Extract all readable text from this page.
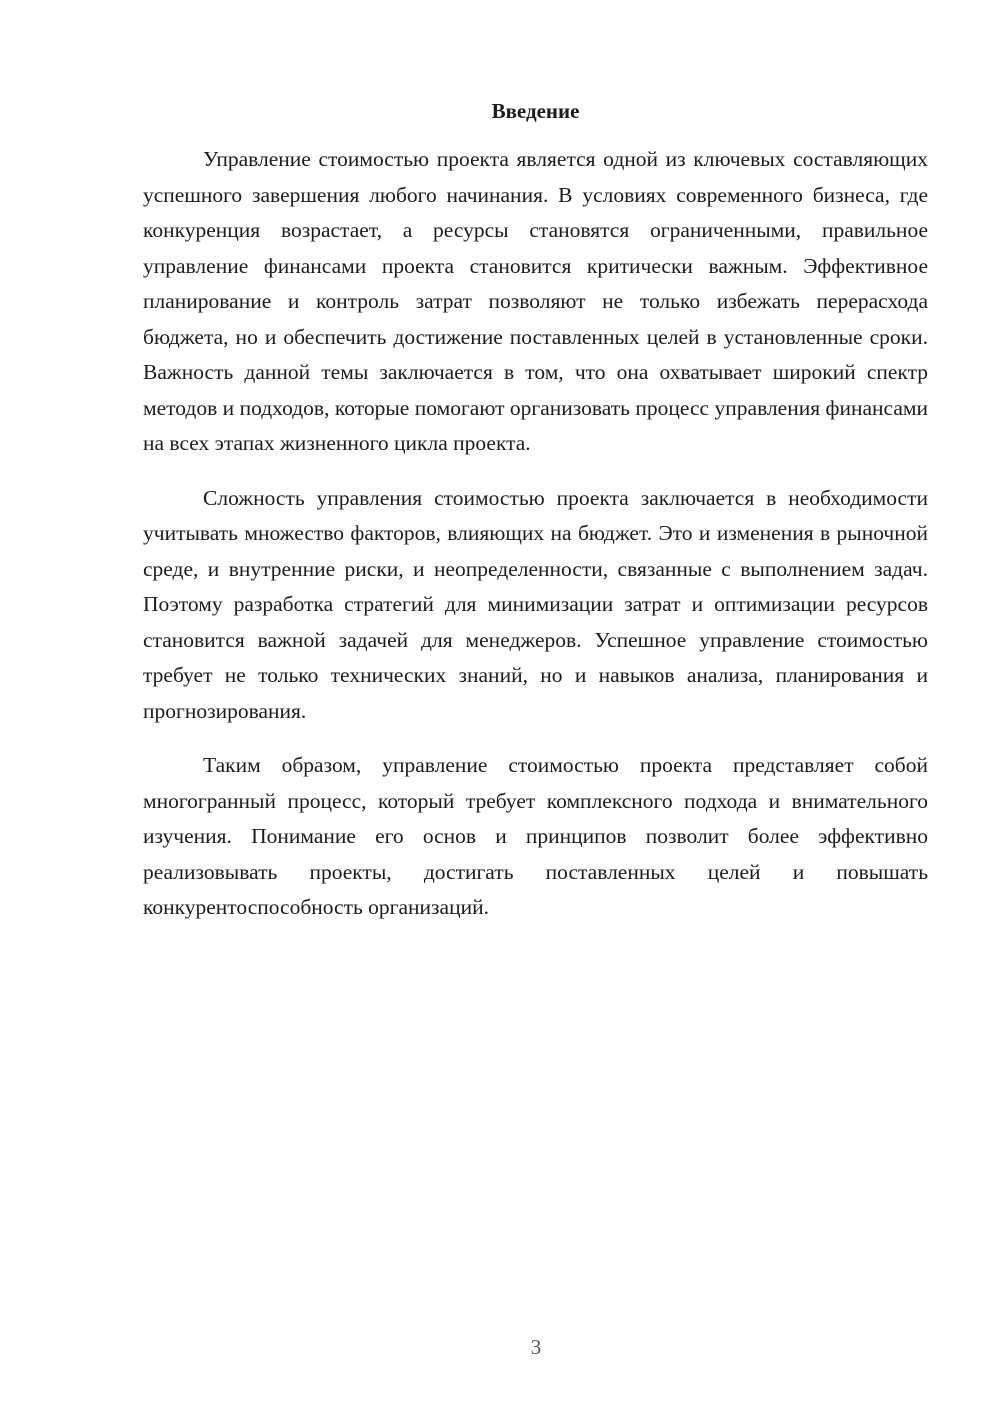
Введение

Управление стоимостью проекта является одной из ключевых составляющих успешного завершения любого начинания. В условиях современного бизнеса, где конкуренция возрастает, а ресурсы становятся ограниченными, правильное управление финансами проекта становится критически важным. Эффективное планирование и контроль затрат позволяют не только избежать перерасхода бюджета, но и обеспечить достижение поставленных целей в установленные сроки. Важность данной темы заключается в том, что она охватывает широкий спектр методов и подходов, которые помогают организовать процесс управления финансами на всех этапах жизненного цикла проекта.

Сложность управления стоимостью проекта заключается в необходимости учитывать множество факторов, влияющих на бюджет. Это и изменения в рыночной среде, и внутренние риски, и неопределенности, связанные с выполнением задач. Поэтому разработка стратегий для минимизации затрат и оптимизации ресурсов становится важной задачей для менеджеров. Успешное управление стоимостью требует не только технических знаний, но и навыков анализа, планирования и прогнозирования.

Таким образом, управление стоимостью проекта представляет собой многогранный процесс, который требует комплексного подхода и внимательного изучения. Понимание его основ и принципов позволит более эффективно реализовывать проекты, достигать поставленных целей и повышать конкурентоспособность организаций.

3
